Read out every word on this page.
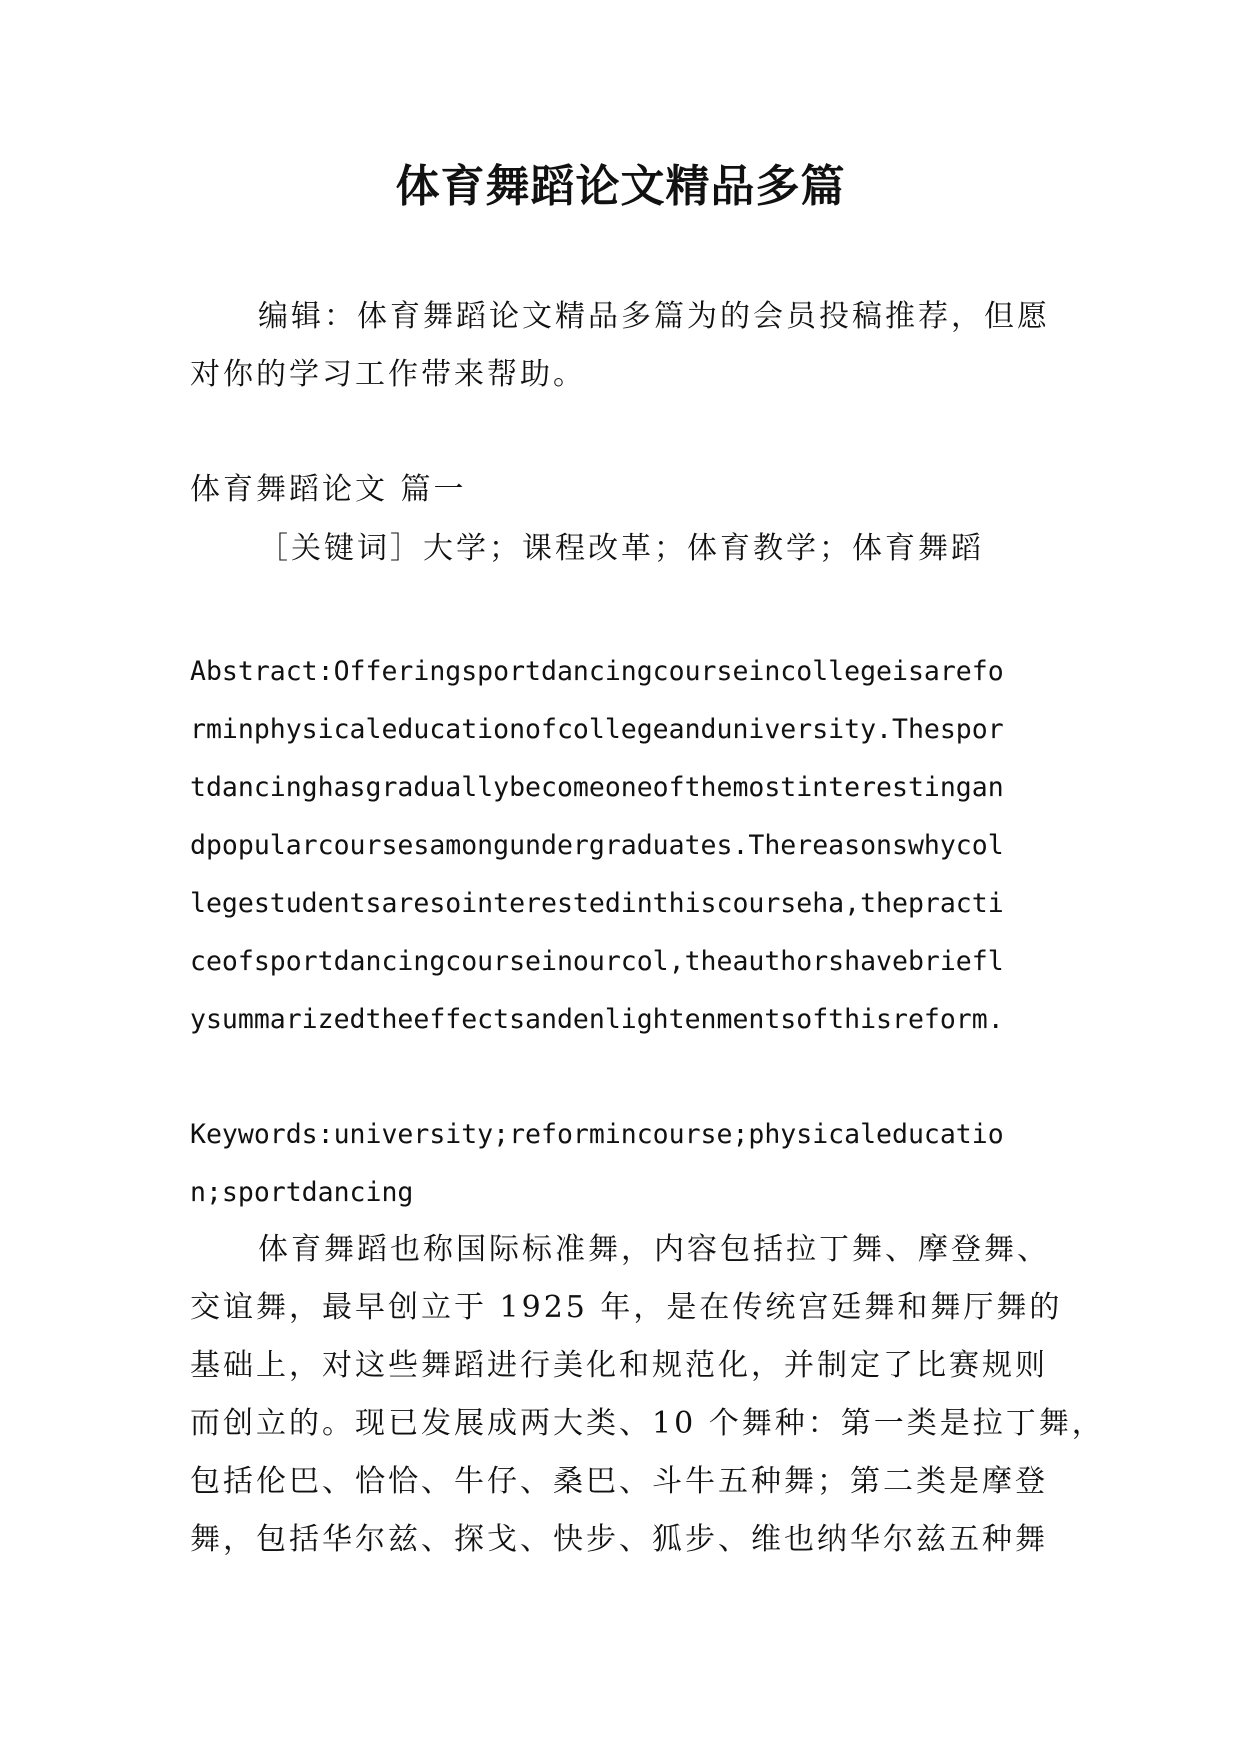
体育舞蹈论文精品多篇
编辑：体育舞蹈论文精品多篇为的会员投稿推荐，但愿
对你的学习工作带来帮助。
体育舞蹈论文 篇一
［关键词］大学；课程改革；体育教学；体育舞蹈
Abstract:Offeringsportdancingcourseincollegeisarefo
rminphysicaleducationofcollegeanduniversity.Thespor
tdancinghasgraduallybecomeoneofthemostinterestingan
dpopularcoursesamongundergraduates.Thereasonswhycol
legestudentsaresointerestedinthiscourseha,thepracti
ceofsportdancingcourseinourcol,theauthorshavebriefl
ysummarizedtheeffectsandenlightenmentsofthisreform.
Keywords:university;reformincourse;physicaleducatio
n;sportdancing
体育舞蹈也称国际标准舞，内容包括拉丁舞、摩登舞、
交谊舞，最早创立于 1925 年，是在传统宫廷舞和舞厅舞的
基础上，对这些舞蹈进行美化和规范化，并制定了比赛规则
而创立的。现已发展成两大类、10 个舞种：第一类是拉丁舞，
包括伦巴、恰恰、牛仔、桑巴、斗牛五种舞；第二类是摩登
舞，包括华尔兹、探戈、快步、狐步、维也纳华尔兹五种舞
